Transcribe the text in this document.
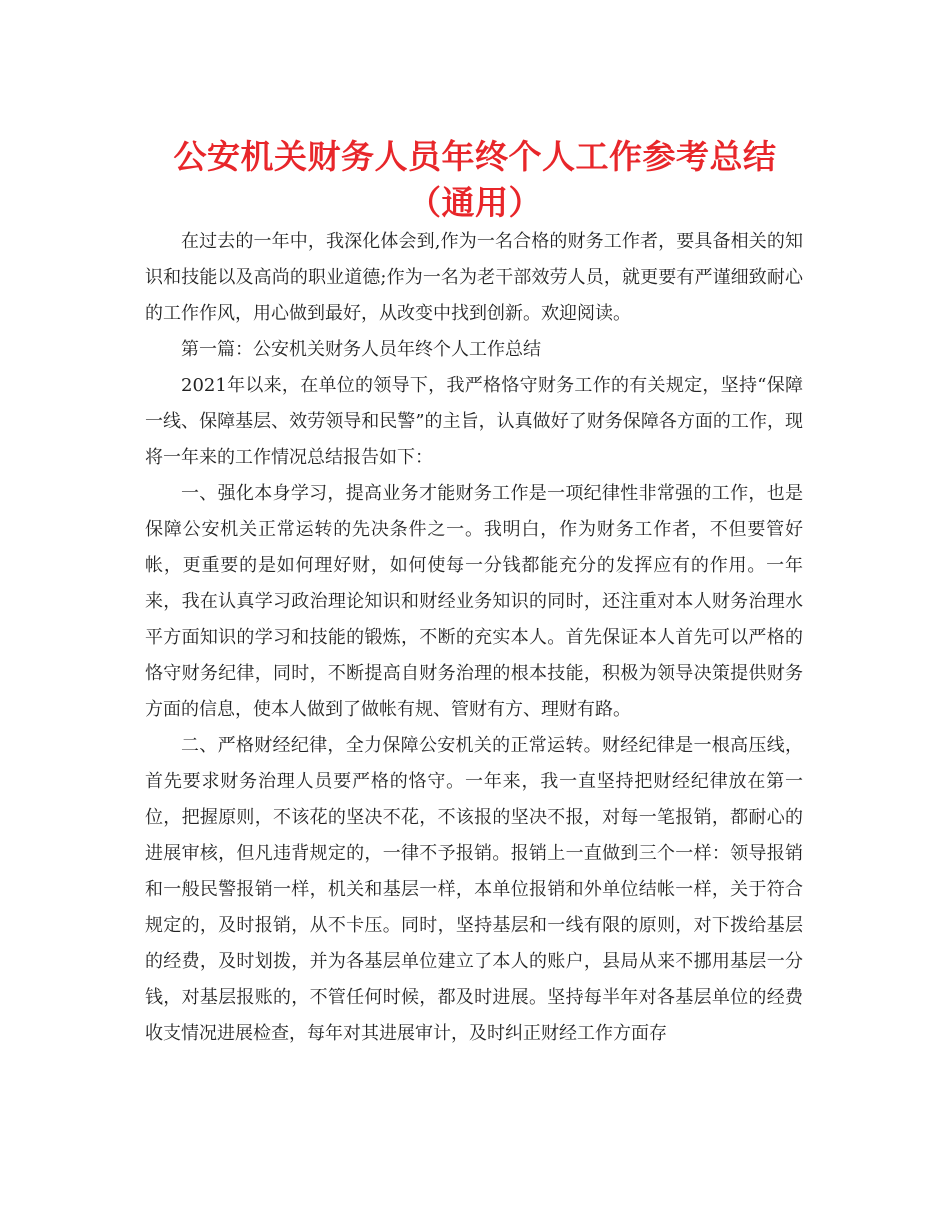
公安机关财务人员年终个人工作参考总结（通用）

在过去的一年中，我深化体会到,作为一名合格的财务工作者，要具备相关的知识和技能以及高尚的职业道德;作为一名为老干部效劳人员，就更要有严谨细致耐心的工作作风，用心做到最好，从改变中找到创新。欢迎阅读。

第一篇：公安机关财务人员年终个人工作总结

2021年以来，在单位的领导下，我严格恪守财务工作的有关规定，坚持“保障一线、保障基层、效劳领导和民警”的主旨，认真做好了财务保障各方面的工作，现将一年来的工作情况总结报告如下：

一、强化本身学习，提高业务才能财务工作是一项纪律性非常强的工作，也是保障公安机关正常运转的先决条件之一。我明白，作为财务工作者，不但要管好帐，更重要的是如何理好财，如何使每一分钱都能充分的发挥应有的作用。一年来，我在认真学习政治理论知识和财经业务知识的同时，还注重对本人财务治理水平方面知识的学习和技能的锻炼，不断的充实本人。首先保证本人首先可以严格的恪守财务纪律，同时，不断提高自财务治理的根本技能，积极为领导决策提供财务方面的信息，使本人做到了做帐有规、管财有方、理财有路。

二、严格财经纪律，全力保障公安机关的正常运转。财经纪律是一根高压线，首先要求财务治理人员要严格的恪守。一年来，我一直坚持把财经纪律放在第一位，把握原则，不该花的坚决不花，不该报的坚决不报，对每一笔报销，都耐心的进展审核，但凡违背规定的，一律不予报销。报销上一直做到三个一样：领导报销和一般民警报销一样，机关和基层一样，本单位报销和外单位结帐一样，关于符合规定的，及时报销，从不卡压。同时，坚持基层和一线有限的原则，对下拨给基层的经费，及时划拨，并为各基层单位建立了本人的账户，县局从来不挪用基层一分钱，对基层报账的，不管任何时候，都及时进展。坚持每半年对各基层单位的经费收支情况进展检查，每年对其进展审计，及时纠正财经工作方面存
